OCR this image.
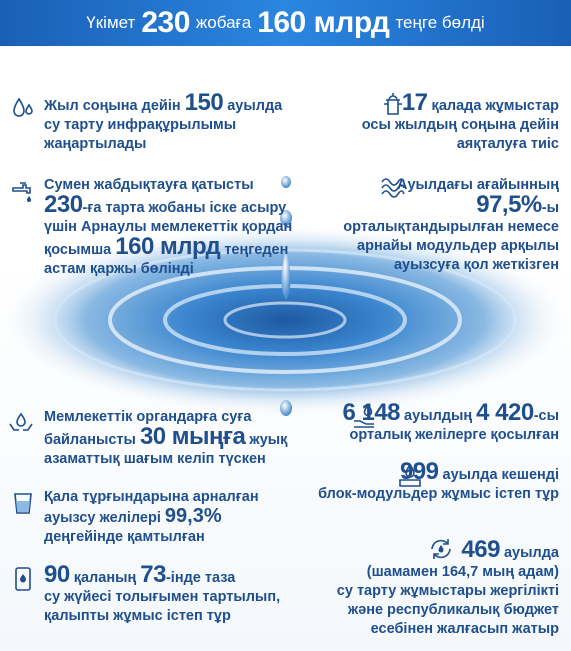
Үкімет 230 жобаға 160 млрд теңге бөлді
Жыл соңына дейін 150 ауылда
су тарту инфрақұрылымы
жаңартылады
Сумен жабдықтауға қатысты
230-ға тарта жобаны іске асыру
үшін Арнаулы мемлекеттік қордан
қосымша 160 млрд теңгеден
астам қаржы бөлінді
Мемлекеттік органдарға суға
байланысты 30 мыңға жуық
азаматтық шағым келіп түскен
Қала тұрғындарына арналған
ауызсу желілері 99,3%
деңгейінде қамтылған
90 қаланың 73-інде таза
су жүйесі толығымен тартылып,
қалыпты жұмыс істеп тұр
17 қалада жұмыстар
осы жылдың соңына дейін
аяқталуға тиіс
Ауылдағы ағайынның
97,5%-ы
орталықтандырылған немесе
арнайы модульдер арқылы
ауызсуға қол жеткізген
6 148 ауылдың 4 420-сы
орталық желілерге қосылған
999 ауылда кешенді
блок-модульдер жұмыс істеп тұр
469 ауылда
(шамамен 164,7 мың адам)
су тарту жұмыстары жергілікті
және республикалық бюджет
есебінен жалғасып жатыр
